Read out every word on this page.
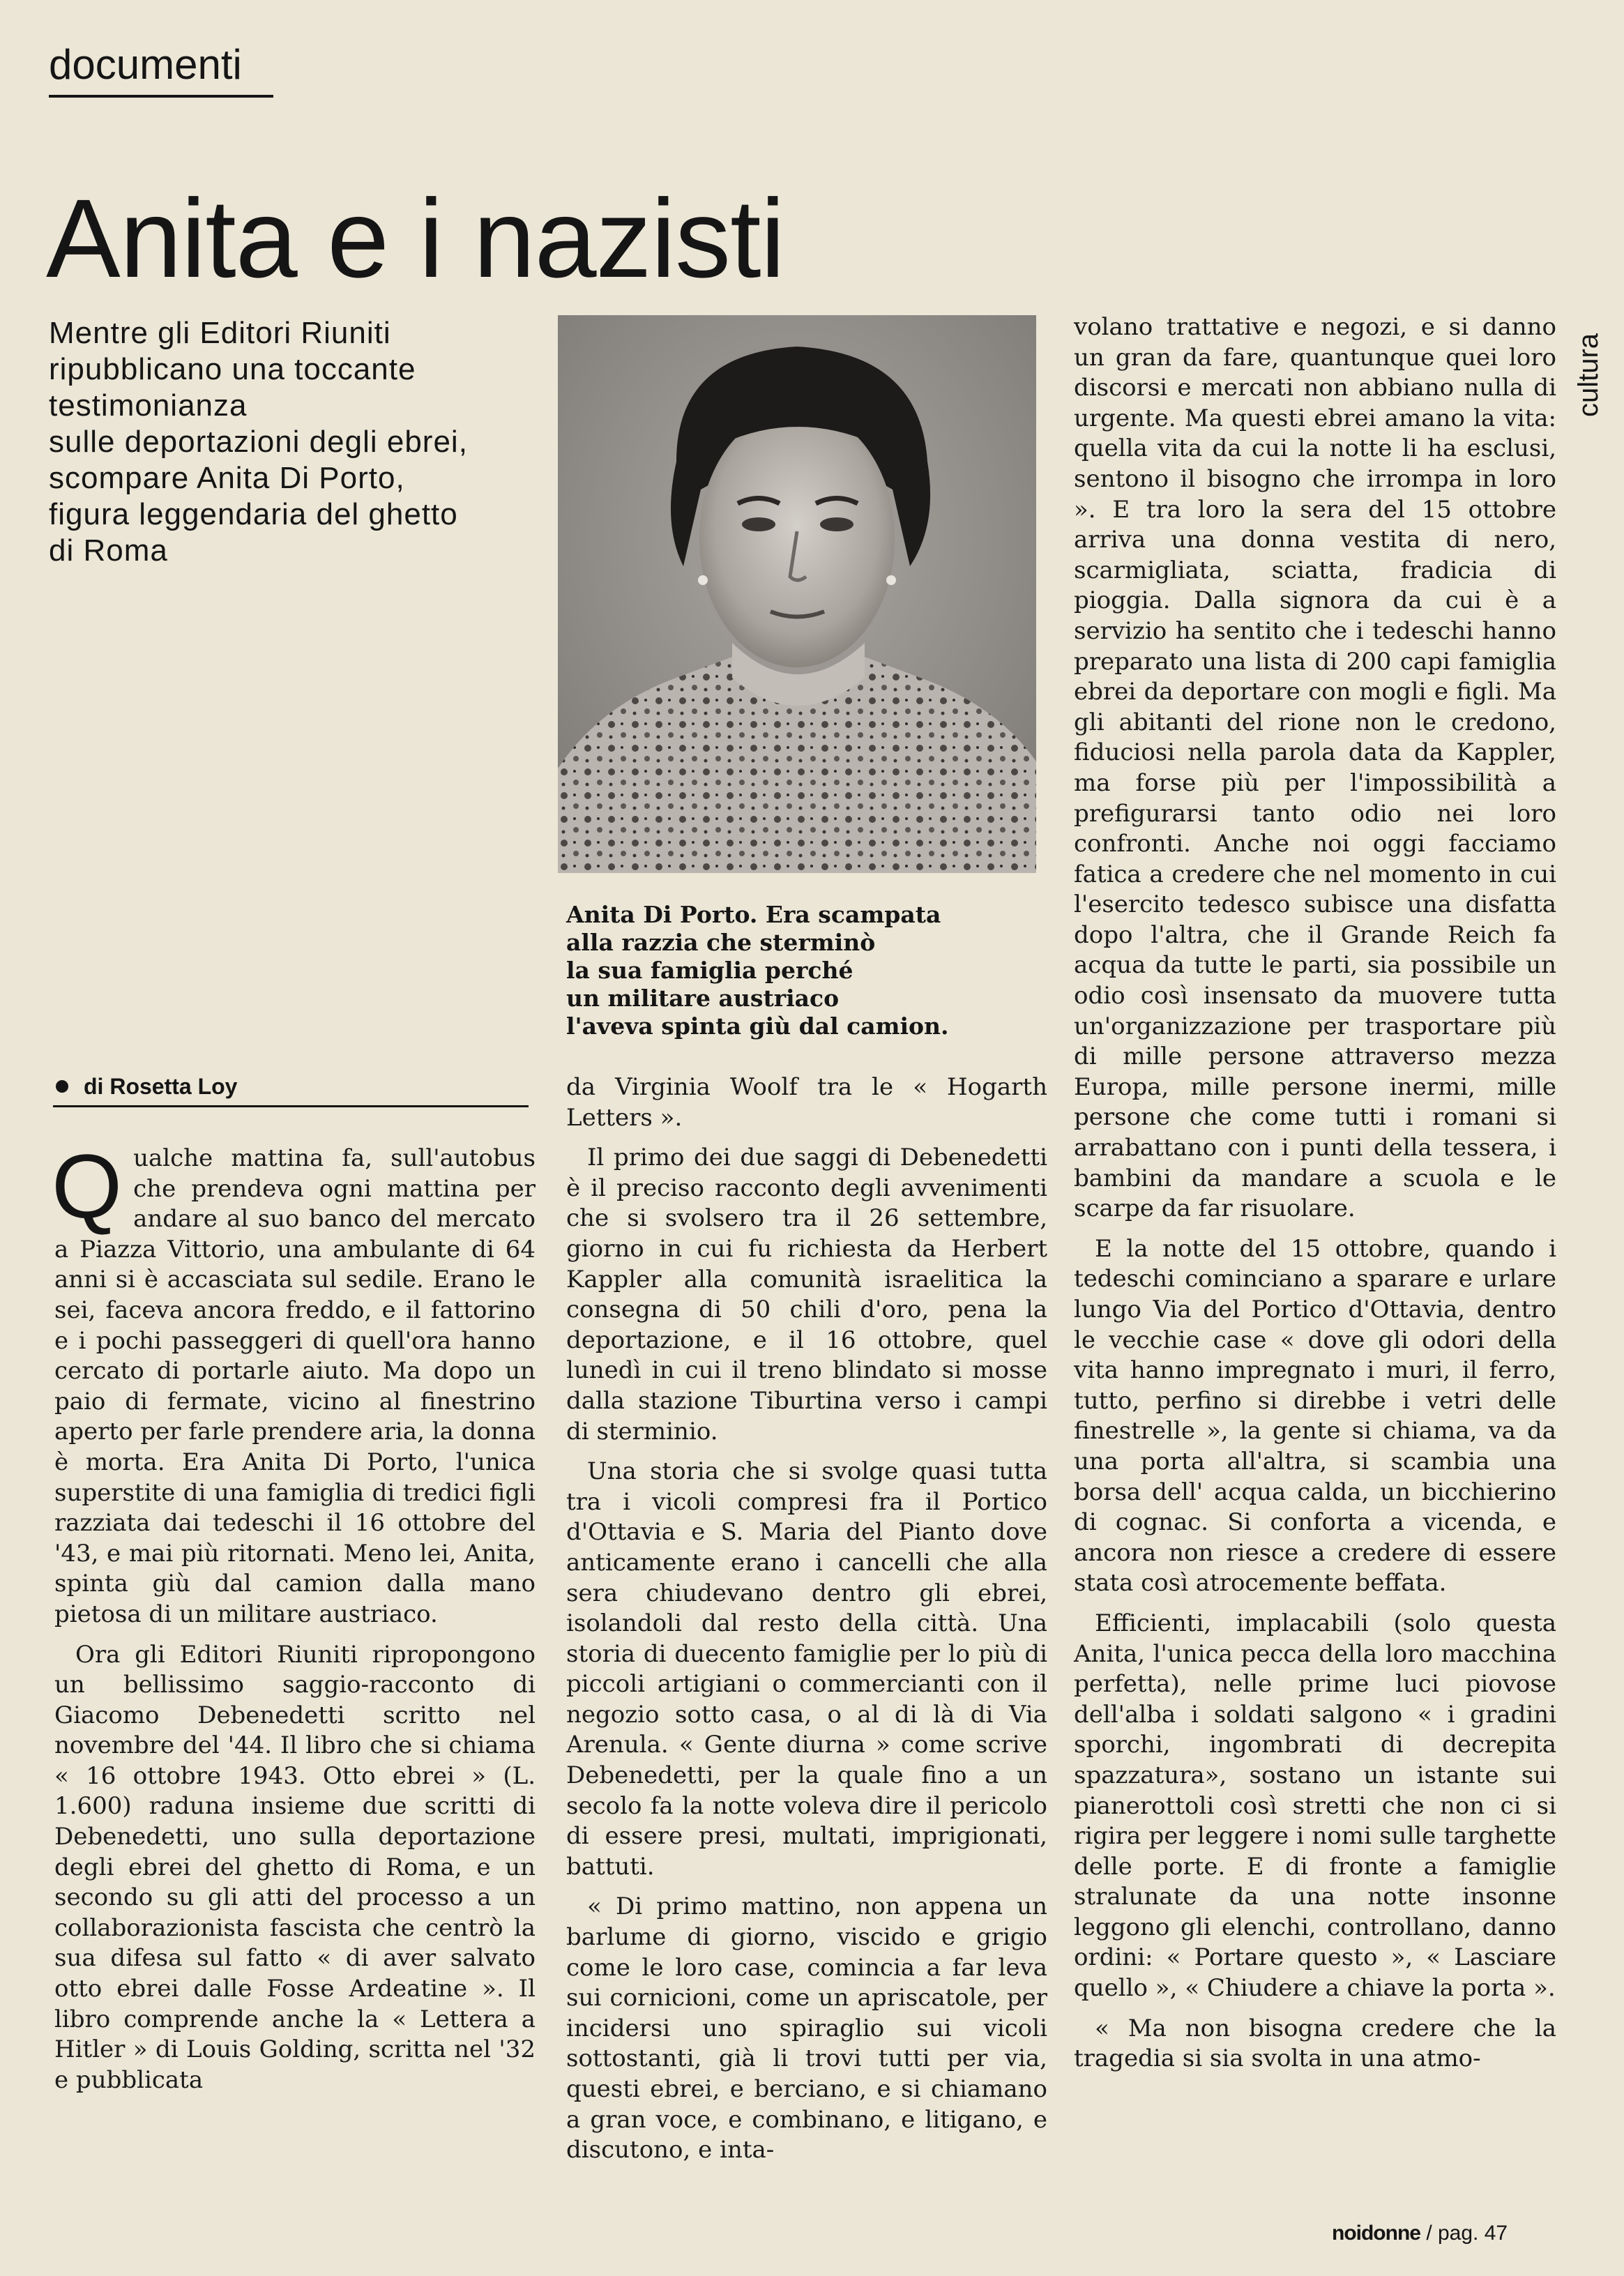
documenti
Anita e i nazisti
Mentre gli Editori Riuniti
ripubblicano una toccante
testimonianza
sulle deportazioni degli ebrei,
scompare Anita Di Porto,
figura leggendaria del ghetto
di Roma
Anita Di Porto. Era scampata
alla razzia che sterminò
la sua famiglia perché
un militare austriaco
l'aveva spinta giù dal camion.
di Rosetta Loy

Qualche mattina fa, sull'autobus che prendeva ogni mattina per andare al suo banco del mercato a Piazza Vittorio, una ambulante di 64 anni si è accasciata sul sedile. Erano le sei, faceva ancora freddo, e il fattorino e i pochi passeggeri di quell'ora hanno cercato di portarle aiuto. Ma dopo un paio di fermate, vicino al finestrino aperto per farle prendere aria, la donna è morta. Era Anita Di Porto, l'unica superstite di una famiglia di tredici figli razziata dai tedeschi il 16 ottobre del '43, e mai più ritornati. Meno lei, Anita, spinta giù dal camion dalla mano pietosa di un militare austriaco.

Ora gli Editori Riuniti ripropongono un bellissimo saggio-racconto di Giacomo Debenedetti scritto nel novembre del '44. Il libro che si chiama « 16 ottobre 1943. Otto ebrei » (L. 1.600) raduna insieme due scritti di Debenedetti, uno sulla deportazione degli ebrei del ghetto di Roma, e un secondo su gli atti del processo a un collaborazionista fascista che centrò la sua difesa sul fatto « di aver salvato otto ebrei dalle Fosse Ardeatine ». Il libro comprende anche la « Lettera a Hitler » di Louis Golding, scritta nel '32 e pubblicata

da Virginia Woolf tra le « Hogarth Letters ».

Il primo dei due saggi di Debenedetti è il preciso racconto degli avvenimenti che si svolsero tra il 26 settembre, giorno in cui fu richiesta da Herbert Kappler alla comunità israelitica la consegna di 50 chili d'oro, pena la deportazione, e il 16 ottobre, quel lunedì in cui il treno blindato si mosse dalla stazione Tiburtina verso i campi di sterminio.

Una storia che si svolge quasi tutta tra i vicoli compresi fra il Portico d'Ottavia e S. Maria del Pianto dove anticamente erano i cancelli che alla sera chiudevano dentro gli ebrei, isolandoli dal resto della città. Una storia di duecento famiglie per lo più di piccoli artigiani o commercianti con il negozio sotto casa, o al di là di Via Arenula. « Gente diurna » come scrive Debenedetti, per la quale fino a un secolo fa la notte voleva dire il pericolo di essere presi, multati, imprigionati, battuti.

« Di primo mattino, non appena un barlume di giorno, viscido e grigio come le loro case, comincia a far leva sui cornicioni, come un apriscatole, per incidersi uno spiraglio sui vicoli sottostanti, già li trovi tutti per via, questi ebrei, e berciano, e si chiamano a gran voce, e combinano, e litigano, e discutono, e inta-

volano trattative e negozi, e si danno un gran da fare, quantunque quei loro discorsi e mercati non abbiano nulla di urgente. Ma questi ebrei amano la vita: quella vita da cui la notte li ha esclusi, sentono il bisogno che irrompa in loro ». E tra loro la sera del 15 ottobre arriva una donna vestita di nero, scarmigliata, sciatta, fradicia di pioggia. Dalla signora da cui è a servizio ha sentito che i tedeschi hanno preparato una lista di 200 capi famiglia ebrei da deportare con mogli e figli. Ma gli abitanti del rione non le credono, fiduciosi nella parola data da Kappler, ma forse più per l'impossibilità a prefigurarsi tanto odio nei loro confronti. Anche noi oggi facciamo fatica a credere che nel momento in cui l'esercito tedesco subisce una disfatta dopo l'altra, che il Grande Reich fa acqua da tutte le parti, sia possibile un odio così insensato da muovere tutta un'organizzazione per trasportare più di mille persone attraverso mezza Europa, mille persone inermi, mille persone che come tutti i romani si arrabattano con i punti della tessera, i bambini da mandare a scuola e le scarpe da far risuolare.

E la notte del 15 ottobre, quando i tedeschi cominciano a sparare e urlare lungo Via del Portico d'Ottavia, dentro le vecchie case « dove gli odori della vita hanno impregnato i muri, il ferro, tutto, perfino si direbbe i vetri delle finestrelle », la gente si chiama, va da una porta all'altra, si scambia una borsa dell' acqua calda, un bicchierino di cognac. Si conforta a vicenda, e ancora non riesce a credere di essere stata così atrocemente beffata.

Efficienti, implacabili (solo questa Anita, l'unica pecca della loro macchina perfetta), nelle prime luci piovose dell'alba i soldati salgono « i gradini sporchi, ingombrati di decrepita spazzatura», sostano un istante sui pianerottoli così stretti che non ci si rigira per leggere i nomi sulle targhette delle porte. E di fronte a famiglie stralunate da una notte insonne leggono gli elenchi, controllano, danno ordini: « Portare questo », « Lasciare quello », « Chiudere a chiave la porta ».

« Ma non bisogna credere che la tragedia si sia svolta in una atmo-

cultura
noidonne / pag. 47
